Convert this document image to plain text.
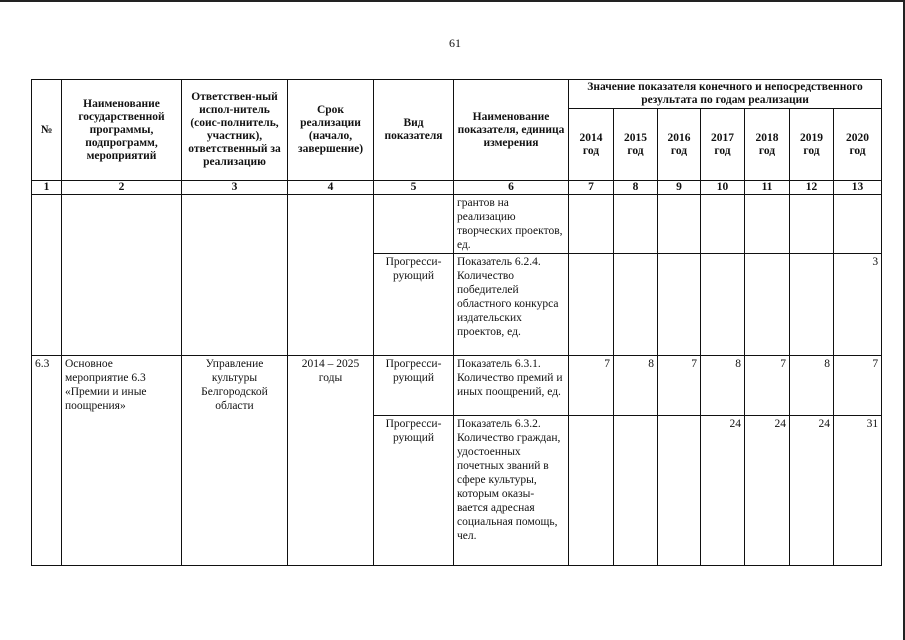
61
№	Наименование государственной программы, подпрограмм, мероприятий	Ответствен-ный испол-нитель (соис-полнитель, участник), ответственный за реализацию	Срок реализации (начало, завершение)	Вид показателя	Наименование показателя, единица измерения	Значение показателя конечного и непосредственного результата по годам реализации						
						2014 год	2015 год	2016 год	2017 год	2018 год	2019 год	2020 год
1	2	3	4	5	6	7	8	9	10	11	12	13
					грантов на реализацию творческих проектов, ед.							
				Прогресси-рующий	Показатель 6.2.4. Количество победителей областного конкурса издательских проектов, ед.							3
6.3	Основное мероприятие 6.3 «Премии и иные поощрения»	Управление культуры Белгородской области	2014 – 2025 годы	Прогресси-рующий	Показатель 6.3.1. Количество премий и иных поощрений, ед.	7	8	7	8	7	8	7
				Прогресси-рующий	Показатель 6.3.2. Количество граждан, удостоенных почетных званий в сфере культуры, которым оказы-вается адресная социальная помощь, чел.				24	24	24	31
